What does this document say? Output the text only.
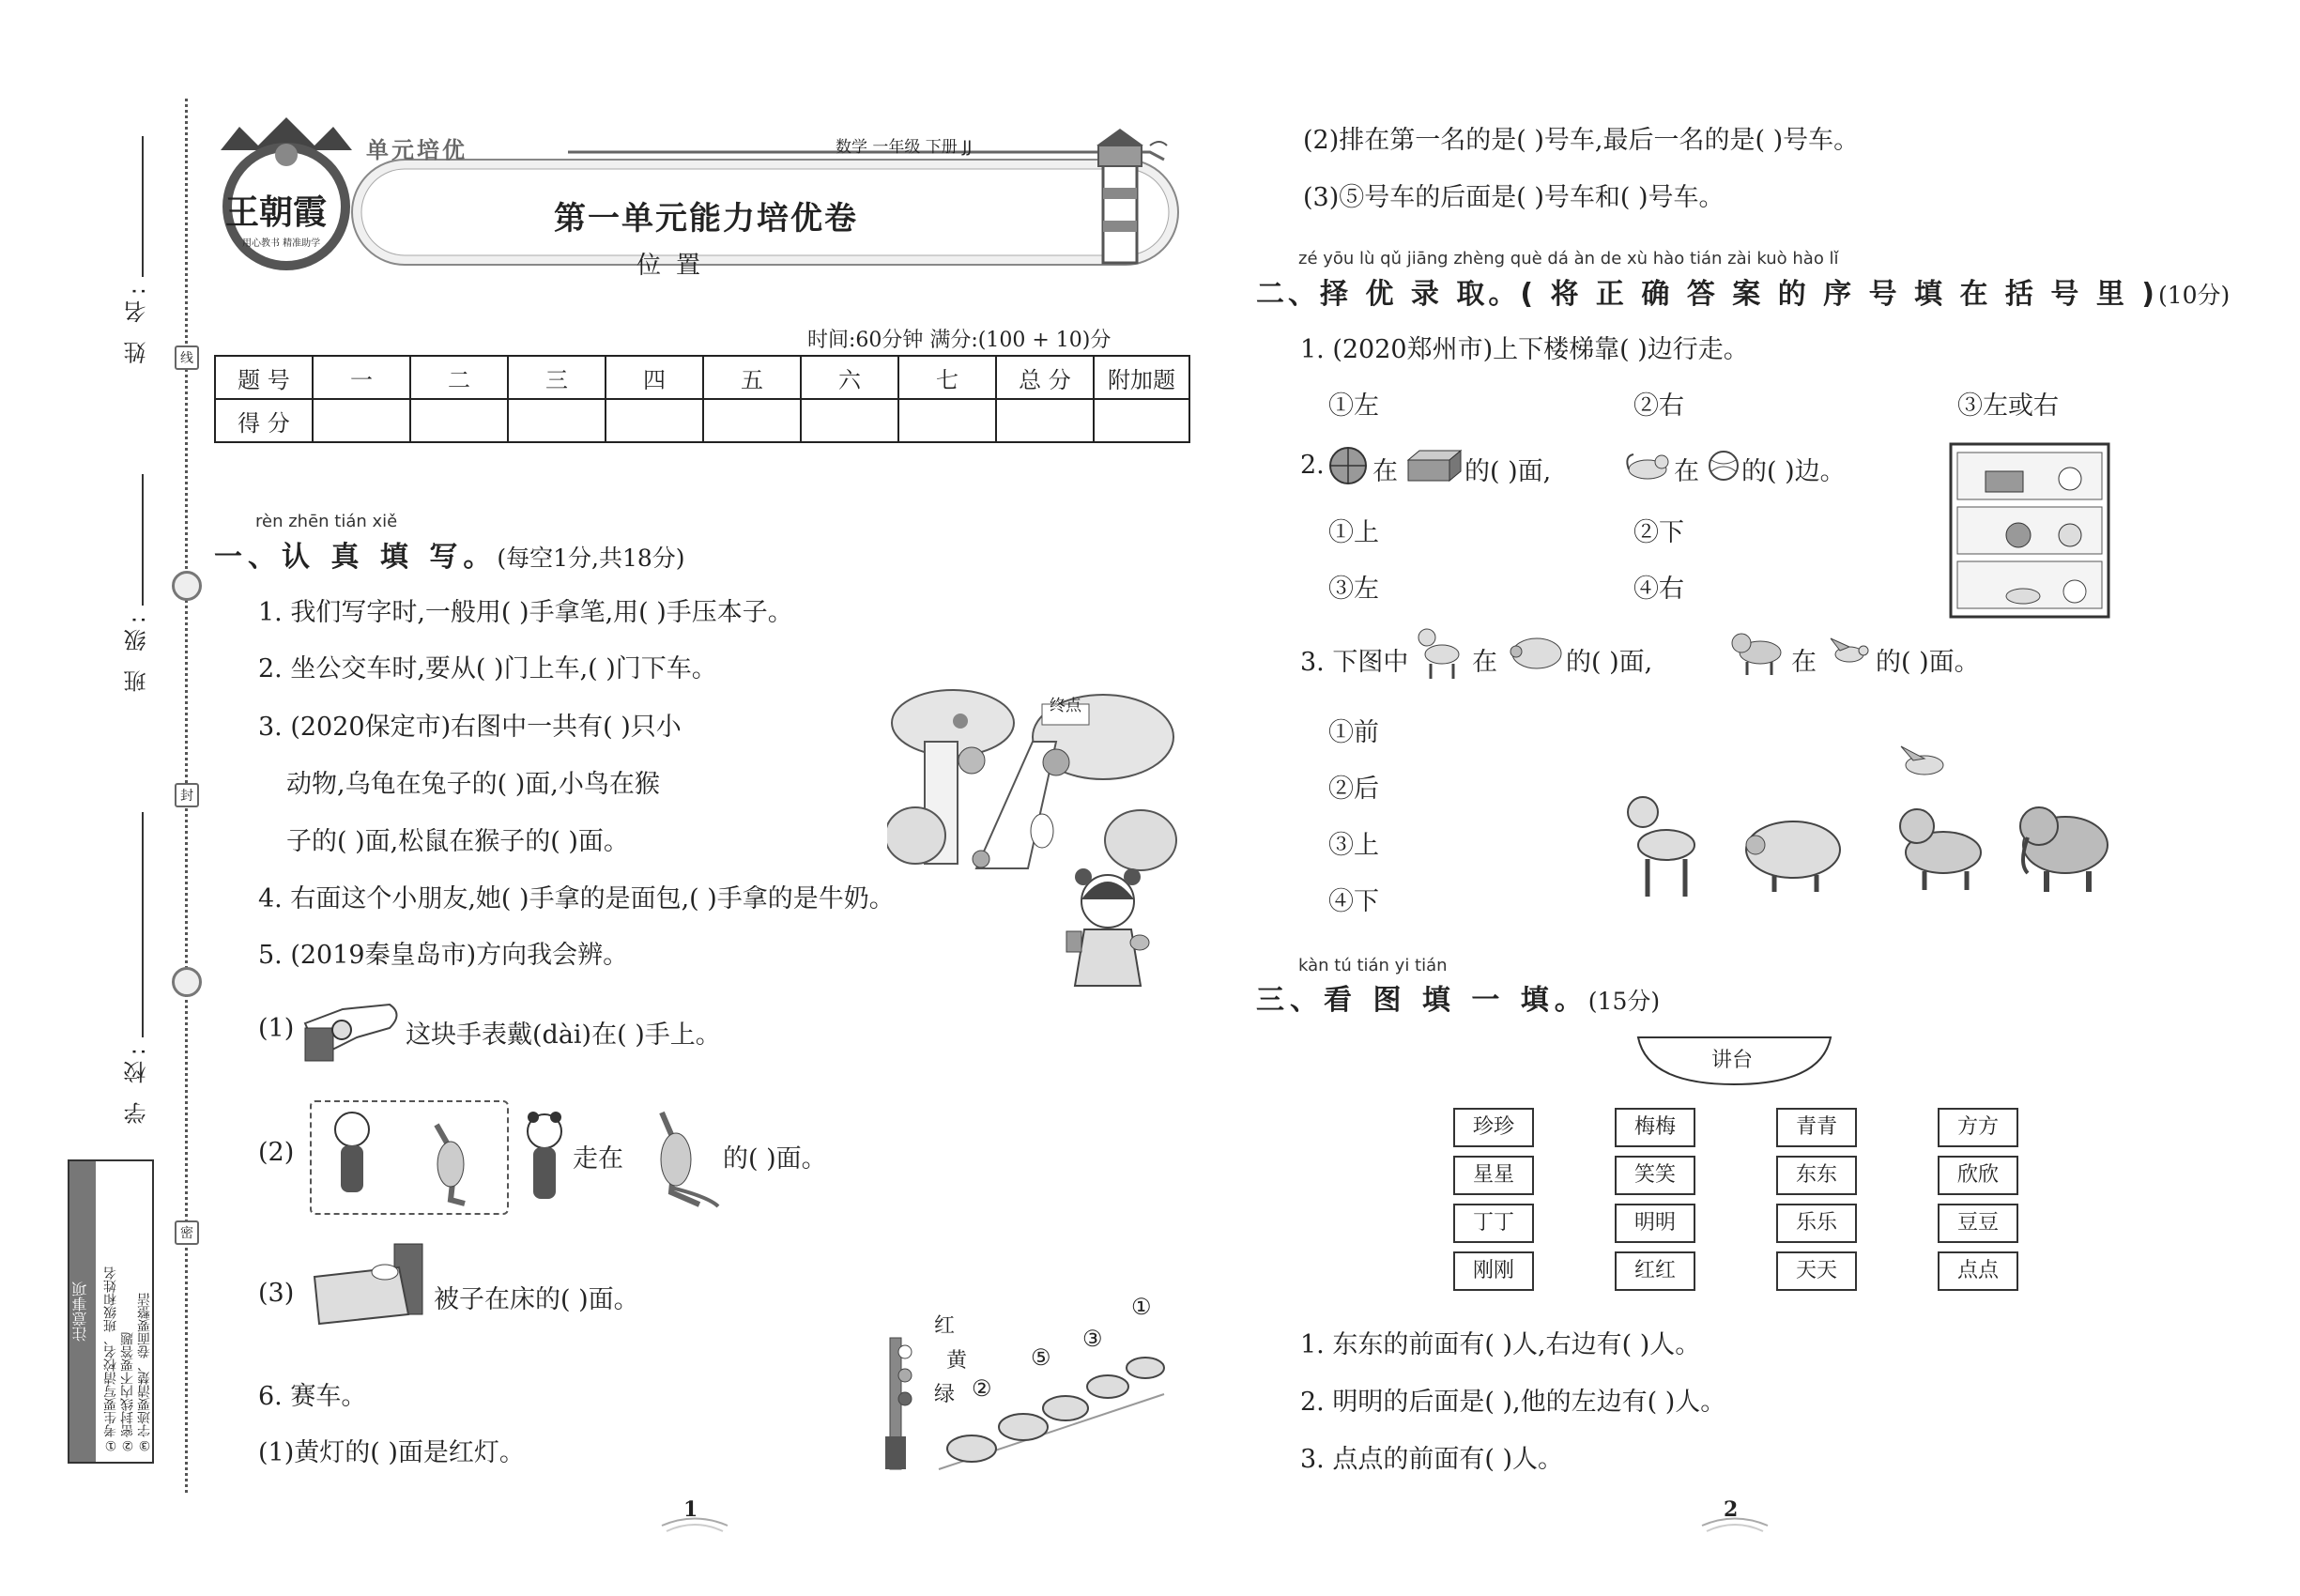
姓 名:
班 级:
学 校:
线
封
密
注意事项	①考生要写清校名、班级和姓名 ②密封线内不要答题 ③字迹要清楚、卷面要整洁
王朝霞
用心教书 精准助学
单元培优	数学 一年级 下册 JJ
第一单元能力培优卷
位置
时间:60分钟 满分:(100 + 10)分
题 号	一	二	三	四	五	六	七	总 分	附加题
得 分									
rèn zhēn tián xiě
一、认 真 填 写。(每空1分,共18分)
1. 我们写字时,一般用( )手拿笔,用( )手压本子。
2. 坐公交车时,要从( )门上车,( )门下车。
3. (2020保定市)右图中一共有( )只小
动物,乌龟在兔子的( )面,小鸟在猴
子的( )面,松鼠在猴子的( )面。
终点
4. 右面这个小朋友,她( )手拿的是面包,( )手拿的是牛奶。
5. (2019秦皇岛市)方向我会辨。
(1)	这块手表戴(dài)在( )手上。
(2)	走在	的( )面。
(3)	被子在床的( )面。
6. 赛车。
(1)黄灯的( )面是红灯。
红
黄
绿
①
③
⑤
②
1
(2)排在第一名的是( )号车,最后一名的是( )号车。
(3)⑤号车的后面是( )号车和( )号车。
zé yōu lù qǔ jiāng zhèng què dá àn de xù hào tián zài kuò hào lǐ
二、择 优 录 取。( 将 正 确 答 案 的 序 号 填 在 括 号 里 )(10分)
1. (2020郑州市)上下楼梯靠( )边行走。
①左	②右	③左或右
2. 在	的( )面,	在 的( )边。
①上	②下
③左	④右
3. 下图中	在	的( )面,	在 的( )面。
①前
②后
③上
④下
kàn tú tián yi tián
三、看 图 填 一 填。(15分)
讲台
珍珍	梅梅	青青	方方
星星	笑笑	东东	欣欣
丁丁	明明	乐乐	豆豆
刚刚	红红	天天	点点
1. 东东的前面有( )人,右边有( )人。
2. 明明的后面是( ),他的左边有( )人。
3. 点点的前面有( )人。
2
